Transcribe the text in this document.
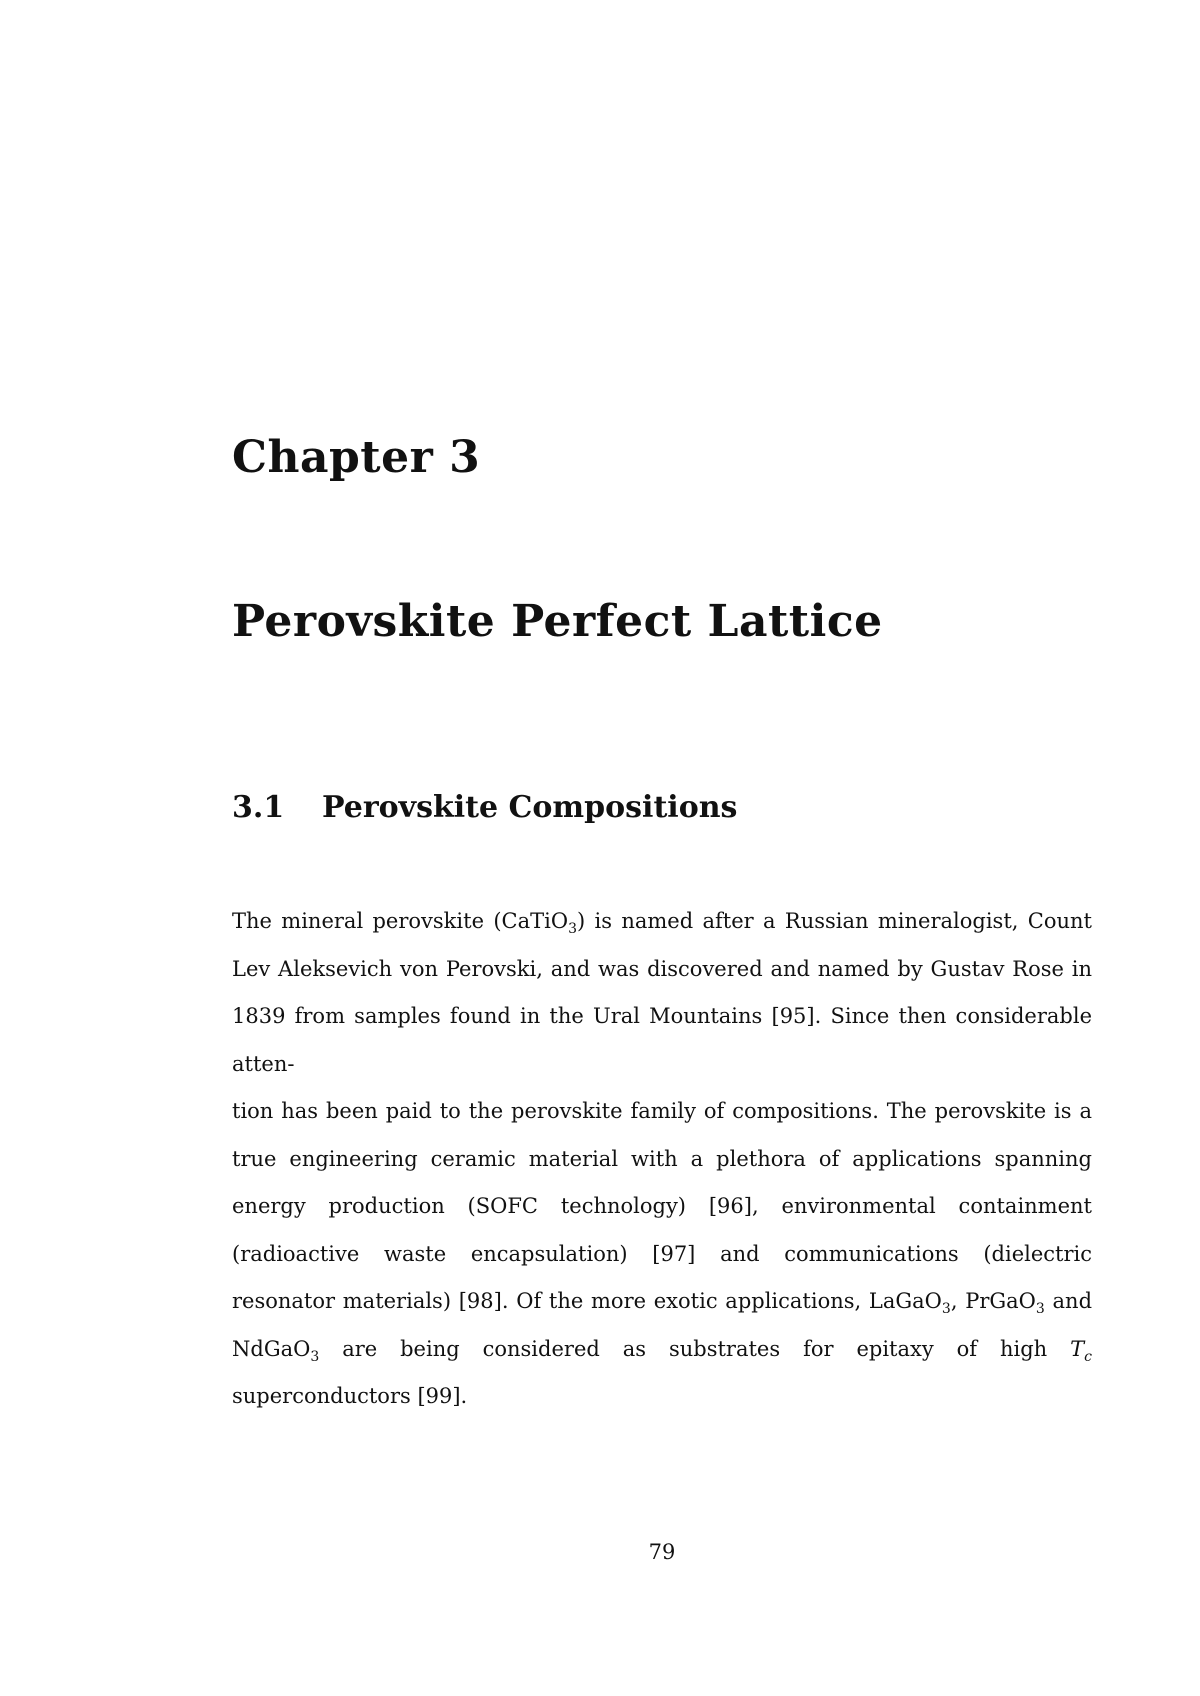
Chapter 3
Perovskite Perfect Lattice
3.1 Perovskite Compositions

The mineral perovskite (CaTiO$_3$) is named after a Russian mineralogist, Count Lev Aleksevich von Perovski, and was discovered and named by Gustav Rose in 1839 from samples found in the Ural Mountains [95]. Since then considerable atten-
tion has been paid to the perovskite family of compositions. The perovskite is a true engineering ceramic material with a plethora of applications spanning energy production (SOFC technology) [96], environmental containment (radioactive waste encapsulation) [97] and communications (dielectric resonator materials) [98]. Of the more exotic applications, LaGaO$_3$, PrGaO$_3$ and NdGaO$_3$ are being considered as substrates for epitaxy of high $T_c$ superconductors [99].

79
